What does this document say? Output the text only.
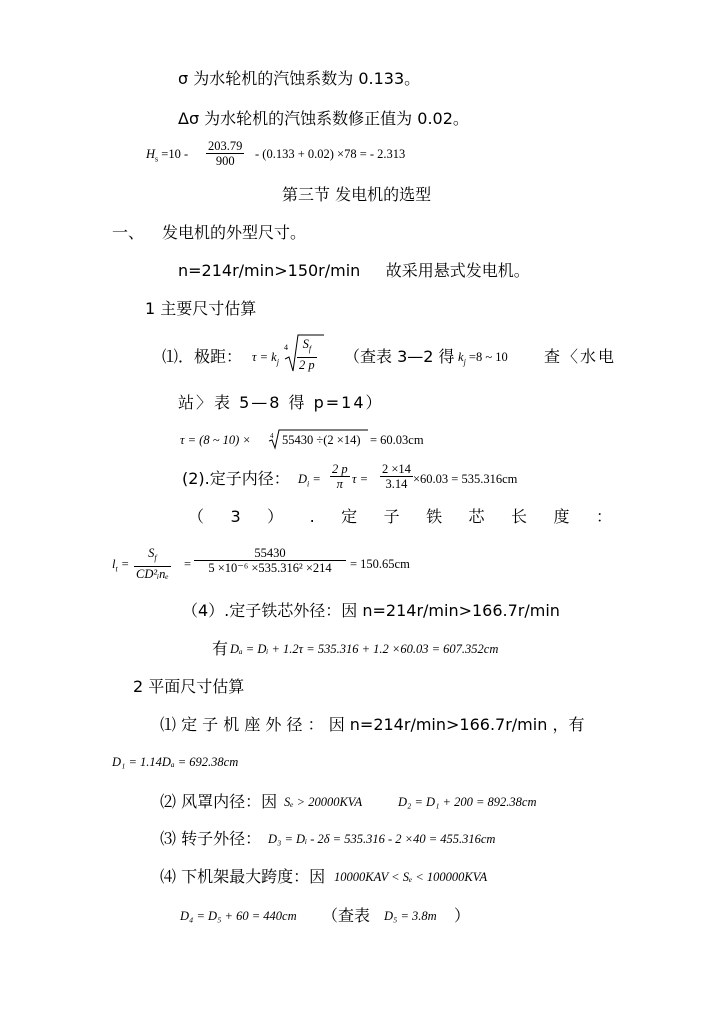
σ 为水轮机的汽蚀系数为 0.133。
Δσ 为水轮机的汽蚀系数修正值为 0.02。
$H_s =10 - \frac{203.79}{900} - (0.133 + 0.02) \times 78$ = - 2.313
第三节 发电机的选型
一、 发电机的外型尺寸。
n=214r/min>150r/min     故采用悬式发电机。
1 主要尺寸估算
⑴．极距： $\tau = k_j$
$4 \frac{S_f}{2 p}$ （查表 3—2 得 $k_j =8$ ~ 10 查〈水电
站〉表 5—8 得 p=14）
τ = (8 ~ 10) ×	4 55430 ÷(2 ×14) = 60.03cm
(2).定子内径： $D_i = \frac{2 p}{\pi}$ $\tau = \frac{2 \times 14}{3.14} \times 60.03 = 535.316cm$
（ 3 ） . 定 子 铁 芯 长 度 ：
$l_t$ =
$S_f$
CD²ᵢnₑ
= $\frac{55430}{\text{5 ×10⁻⁶ ×535.316² ×214}} = 150.65cm$
（4）.定子铁芯外径：因 n=214r/min>166.7r/min
有 Dₐ = Dᵢ + 1.2τ = 535.316 + 1.2 ×60.03 = 607.352cm
2 平面尺寸估算
⑴ 定 子 机 座 外 径 ： 因 n=214r/min>166.7r/min ，有
D₁ = 1.14Dₐ = 692.38cm
⑵ 风罩内径：因 Sₑ > 20000KVA	D₂ = D₁ + 200 = 892.38cm
⑶ 转子外径： D₃ = Dᵢ - 2δ = 535.316 - 2 ×40 = 455.316cm
⑷ 下机架最大跨度：因 10000KAV < Sₑ < 100000KVA
D₄ = D₅ + 60 = 440cm （查表 D₅ = 3.8m ）
